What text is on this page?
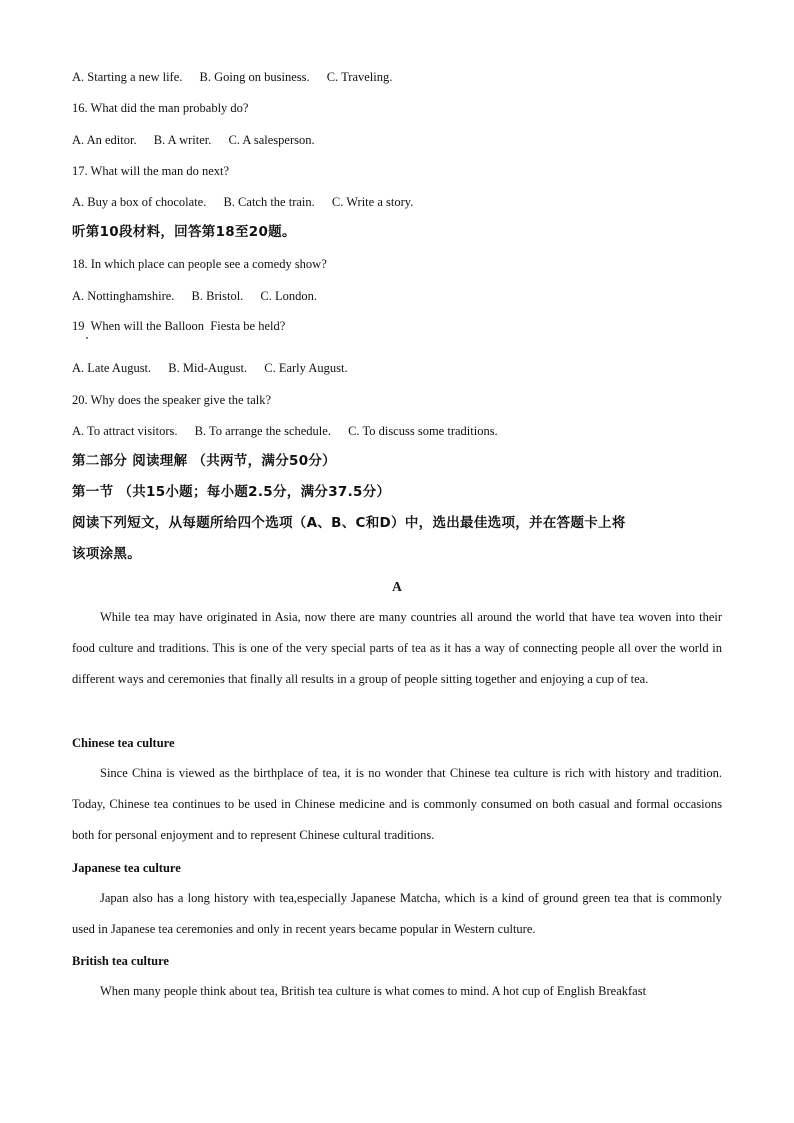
A. Starting a new life. B. Going on business. C. Traveling.
16. What did the man probably do?
A. An editor. B. A writer. C. A salesperson.
17. What will the man do next?
A. Buy a box of chocolate. B. Catch the train. C. Write a story.
听第10段材料，回答第18至20题。
18. In which place can people see a comedy show?
A. Nottinghamshire. B. Bristol. C. London.
19  When will the Balloon  Fiesta be held?
A. Late August. B. Mid-August. C. Early August.
20. Why does the speaker give the talk?
A. To attract visitors. B. To arrange the schedule. C. To discuss some traditions.
第二部分 阅读理解 （共两节，满分50分）
第一节 （共15小题；每小题2.5分，满分37.5分）
阅读下列短文，从每题所给四个选项（A、B、C和D）中，选出最佳选项，并在答题卡上将
该项涂黑。
A
While tea may have originated in Asia, now there are many countries all around the world that have tea woven into their food culture and traditions. This is one of the very special parts of tea as it has a way of connecting people all over the world in different ways and ceremonies that finally all results in a group of people sitting together and enjoying a cup of tea.
Chinese tea culture
Since China is viewed as the birthplace of tea, it is no wonder that Chinese tea culture is rich with history and tradition. Today, Chinese tea continues to be used in Chinese medicine and is commonly consumed on both casual and formal occasions both for personal enjoyment and to represent Chinese cultural traditions.
Japanese tea culture
Japan also has a long history with tea,especially Japanese Matcha, which is a kind of ground green tea that is commonly used in Japanese tea ceremonies and only in recent years became popular in Western culture.
British tea culture
When many people think about tea, British tea culture is what comes to mind. A hot cup of English Breakfast
